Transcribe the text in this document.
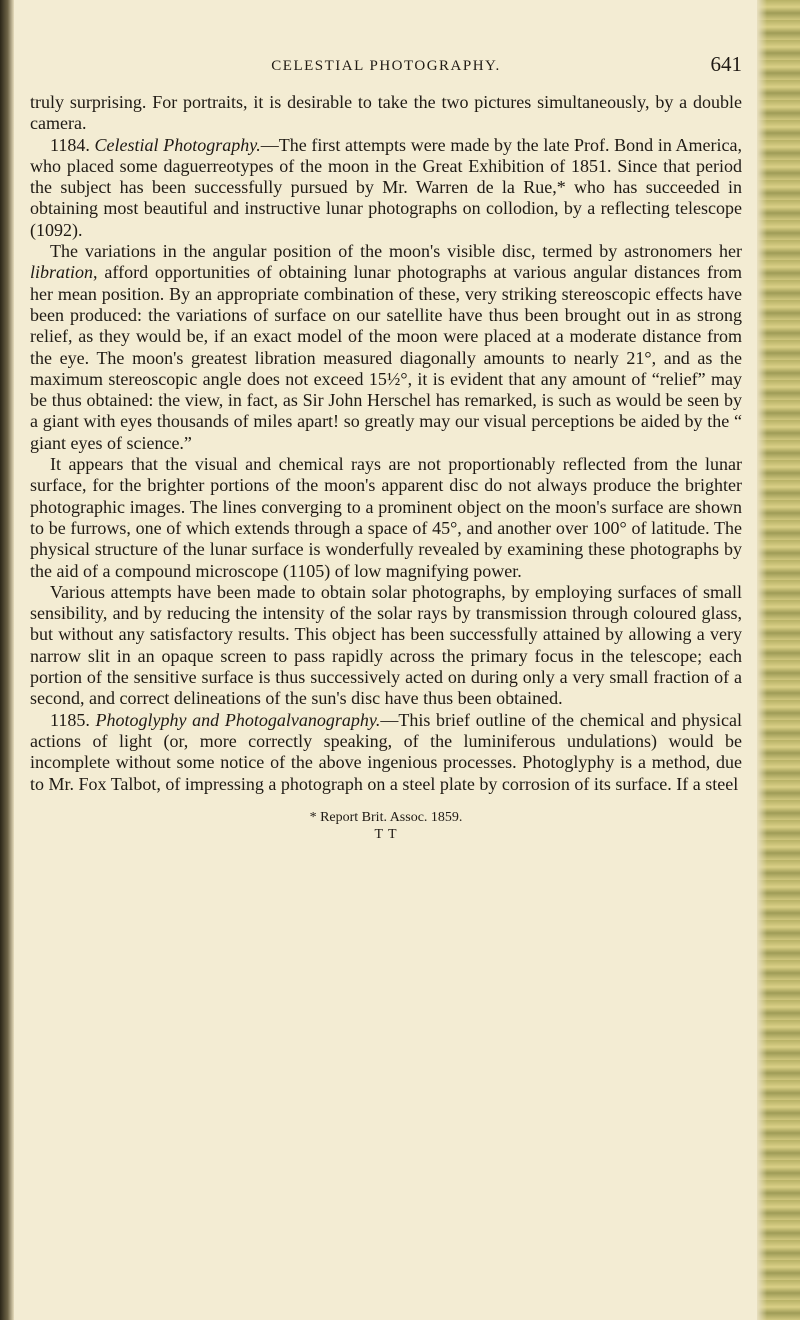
CELESTIAL PHOTOGRAPHY.	641

truly surprising. For portraits, it is desirable to take the two pictures simultaneously, by a double camera.

1184. Celestial Photography.—The first attempts were made by the late Prof. Bond in America, who placed some daguerreotypes of the moon in the Great Exhibition of 1851. Since that period the subject has been successfully pursued by Mr. Warren de la Rue,* who has succeeded in obtaining most beautiful and instructive lunar photographs on collodion, by a reflecting telescope (1092).

The variations in the angular position of the moon's visible disc, termed by astronomers her libration, afford opportunities of obtaining lunar photographs at various angular distances from her mean position. By an appropriate combination of these, very striking stereoscopic effects have been produced: the variations of surface on our satellite have thus been brought out in as strong relief, as they would be, if an exact model of the moon were placed at a moderate distance from the eye. The moon's greatest libration measured diagonally amounts to nearly 21°, and as the maximum stereoscopic angle does not exceed 15½°, it is evident that any amount of “relief” may be thus obtained: the view, in fact, as Sir John Herschel has remarked, is such as would be seen by a giant with eyes thousands of miles apart! so greatly may our visual perceptions be aided by the “ giant eyes of science.”

It appears that the visual and chemical rays are not proportionably reflected from the lunar surface, for the brighter portions of the moon's apparent disc do not always produce the brighter photographic images. The lines converging to a prominent object on the moon's surface are shown to be furrows, one of which extends through a space of 45°, and another over 100° of latitude. The physical structure of the lunar surface is wonderfully revealed by examining these photographs by the aid of a compound microscope (1105) of low magnifying power.

Various attempts have been made to obtain solar photographs, by employing surfaces of small sensibility, and by reducing the intensity of the solar rays by transmission through coloured glass, but without any satisfactory results. This object has been successfully attained by allowing a very narrow slit in an opaque screen to pass rapidly across the primary focus in the telescope; each portion of the sensitive surface is thus successively acted on during only a very small fraction of a second, and correct delineations of the sun's disc have thus been obtained.

1185. Photoglyphy and Photogalvanography.—This brief outline of the chemical and physical actions of light (or, more correctly speaking, of the luminiferous undulations) would be incomplete without some notice of the above ingenious processes. Photoglyphy is a method, due to Mr. Fox Talbot, of impressing a photograph on a steel plate by corrosion of its surface. If a steel

* Report Brit. Assoc. 1859.
T T
